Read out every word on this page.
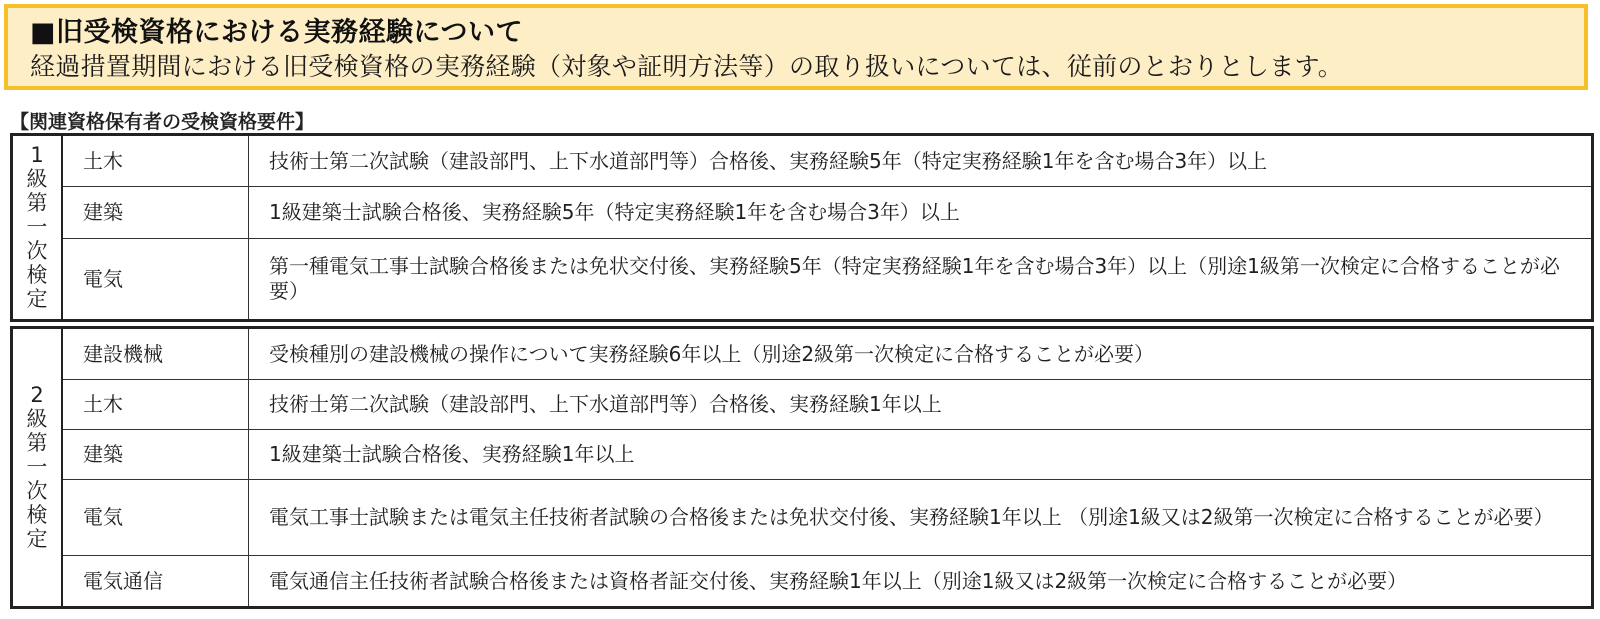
■旧受検資格における実務経験について
経過措置期間における旧受検資格の実務経験（対象や証明方法等）の取り扱いについては、従前のとおりとします。
【関連資格保有者の受検資格要件】
1級第一次検定	土木	技術士第二次試験（建設部門、上下水道部門等）合格後、実務経験5年（特定実務経験1年を含む場合3年）以上
	建築	1級建築士試験合格後、実務経験5年（特定実務経験1年を含む場合3年）以上
	電気	第一種電気工事士試験合格後または免状交付後、実務経験5年（特定実務経験1年を含む場合3年）以上（別途1級第一次検定に合格することが必要）
2級第一次検定	建設機械	受検種別の建設機械の操作について実務経験6年以上（別途2級第一次検定に合格することが必要）
	土木	技術士第二次試験（建設部門、上下水道部門等）合格後、実務経験1年以上
	建築	1級建築士試験合格後、実務経験1年以上
	電気	電気工事士試験または電気主任技術者試験の合格後または免状交付後、実務経験1年以上 （別途1級又は2級第一次検定に合格することが必要）
	電気通信	電気通信主任技術者試験合格後または資格者証交付後、実務経験1年以上（別途1級又は2級第一次検定に合格することが必要）
